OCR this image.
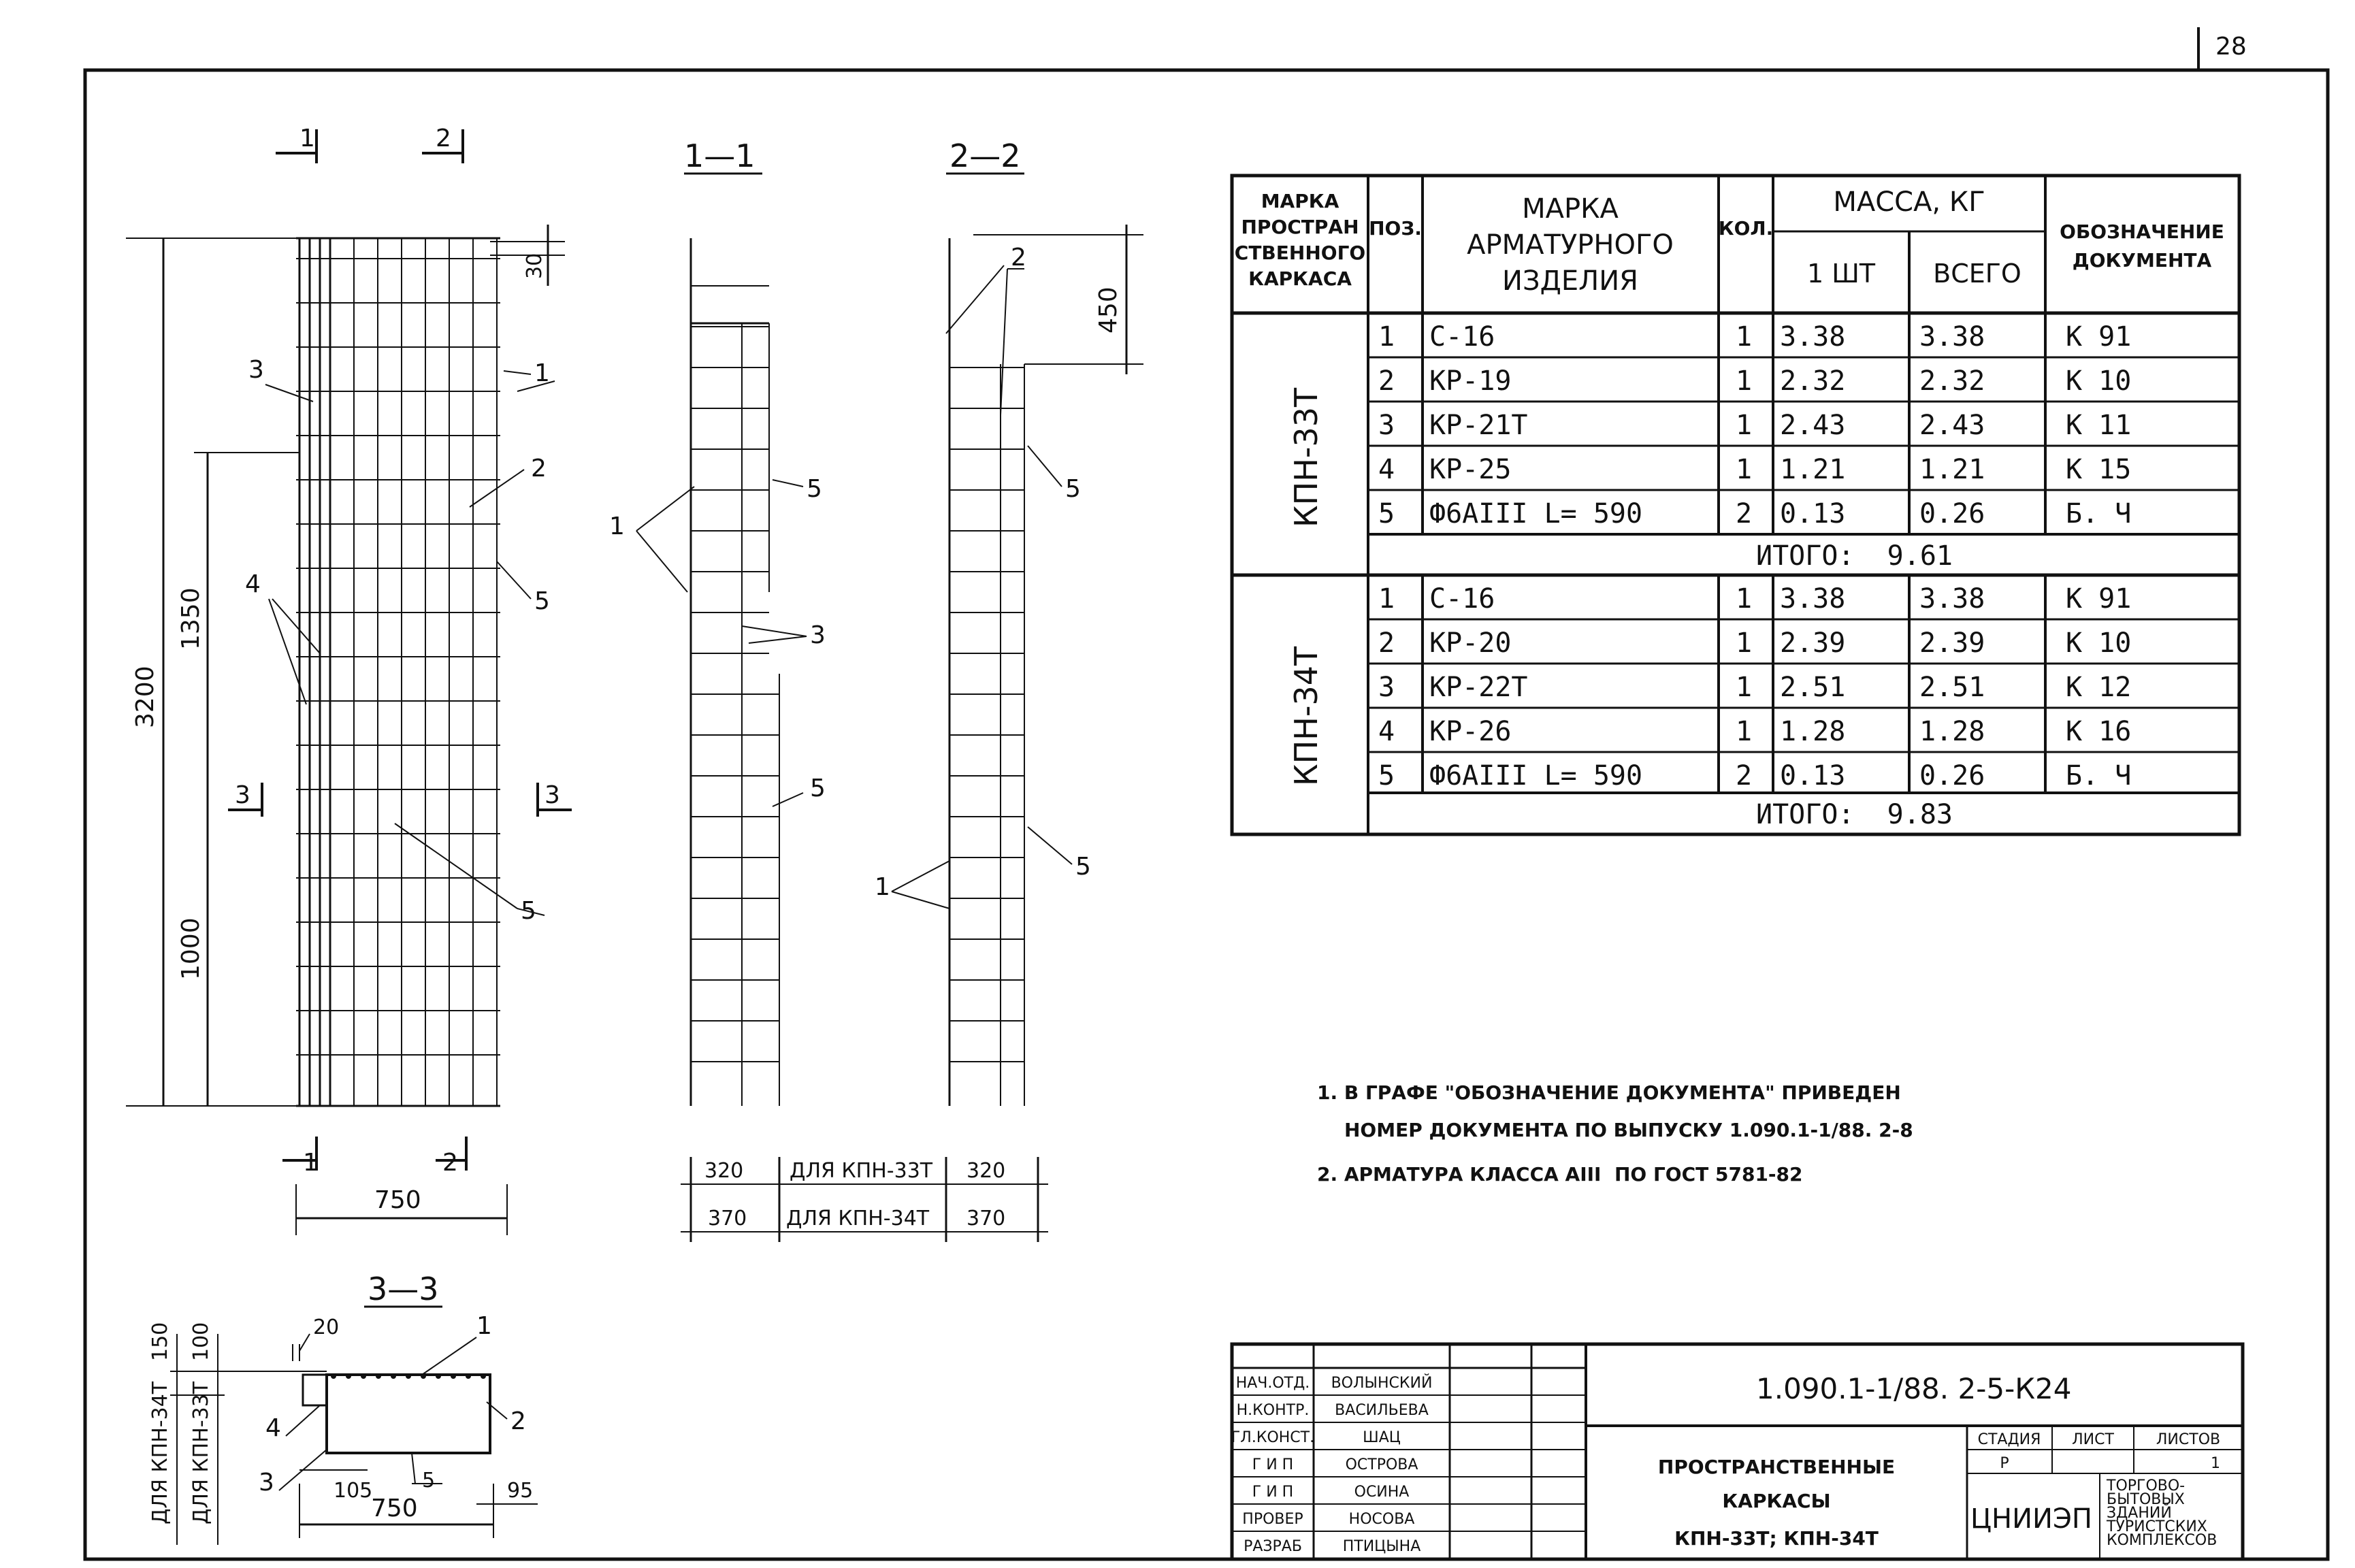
28
1	2
3200
1350
1000
30
3	3
1	2
750
3	1
2
5
4
5
1—1
1
5
3
5
2—2
450
2
5
1
5
320 ДЛЯ КПН-33Т 320
370 ДЛЯ КПН-34Т 370
3—3
150 100
ДЛЯ КПН-34Т ДЛЯ КПН-33Т
20
105	95
750
1
2
4
3	5
МАРКА
ПРОСТРАН
СТВЕННОГО
КАРКАСА
ПОЗ.
МАРКА
АРМАТУРНОГО
ИЗДЕЛИЯ
КОЛ.
МАССА, КГ
1 ШТ ВСЕГО
ОБОЗНАЧЕНИЕ
ДОКУМЕНТА
КПН-33Т
КПН-34Т
1 С-16	1 3.38	3.38	К 91
2 КР-19	1 2.32	2.32	К 10
3 КР-21Т	1 2.43	2.43	К 11
4 КР-25	1 1.21	1.21	К 15
5 Ф6АIII L= 590	2 0.13	0.26	Б. Ч
1 С-16	1 3.38	3.38	К 91
2 КР-20	1 2.39	2.39	К 10
3 КР-22Т	1 2.51	2.51	К 12
4 КР-26	1 1.28	1.28	К 16
5 Ф6АIII L= 590	2 0.13	0.26	Б. Ч
ИТОГО:  9.61
ИТОГО:  9.83
1. В ГРАФЕ "ОБОЗНАЧЕНИЕ ДОКУМЕНТА" ПРИВЕДЕН
НОМЕР ДОКУМЕНТА ПО ВЫПУСКУ 1.090.1-1/88. 2-8
2. АРМАТУРА КЛАССА АIII  ПО ГОСТ 5781-82
НАЧ.ОТД. ВОЛЫНСКИЙ
Н.КОНТР. ВАСИЛЬЕВА
ГЛ.КОНСТ.	ШАЦ
Г И П	ОСТРОВА
Г И П	ОСИНА
ПРОВЕР	НОСОВА
РАЗРАБ	ПТИЦЫНА
1.090.1-1/88. 2-5-К24
ПРОСТРАНСТВЕННЫЕ
КАРКАСЫ
КПН-33Т; КПН-34Т
СТАДИЯ ЛИСТ	ЛИСТОВ
Р	1
ЦНИИЭП
ТОРГОВО-
БЫТОВЫХ
ЗДАНИЙ
ТУРИСТСКИХ
КОМПЛЕКСОВ
